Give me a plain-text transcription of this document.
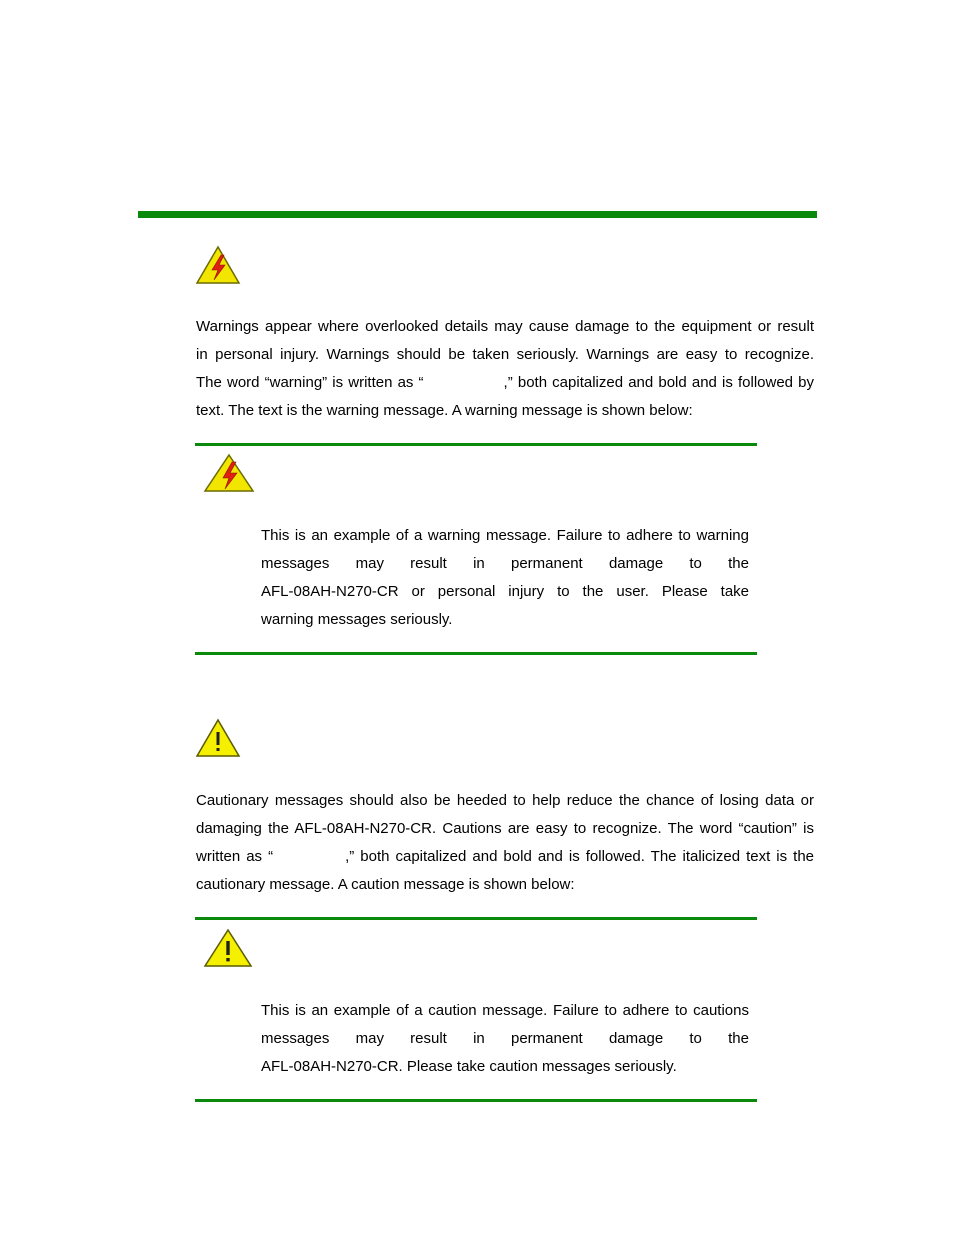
Warnings appear where overlooked details may cause damage to the equipment or result
in personal injury. Warnings should be taken seriously. Warnings are easy to recognize.
The word “warning” is written as “	,” both capitalized and bold and is followed by
text. The text is the warning message. A warning message is shown below:
This is an example of a warning message. Failure to adhere to warning
messages may result in permanent damage to the
AFL-08AH-N270-CR or personal injury to the user. Please take
warning messages seriously.
Cautionary messages should also be heeded to help reduce the chance of losing data or
damaging the AFL-08AH-N270-CR. Cautions are easy to recognize. The word “caution” is
written as “	,” both capitalized and bold and is followed. The italicized text is the
cautionary message. A caution message is shown below:
This is an example of a caution message. Failure to adhere to cautions
messages may result in permanent damage to the
AFL-08AH-N270-CR. Please take caution messages seriously.
